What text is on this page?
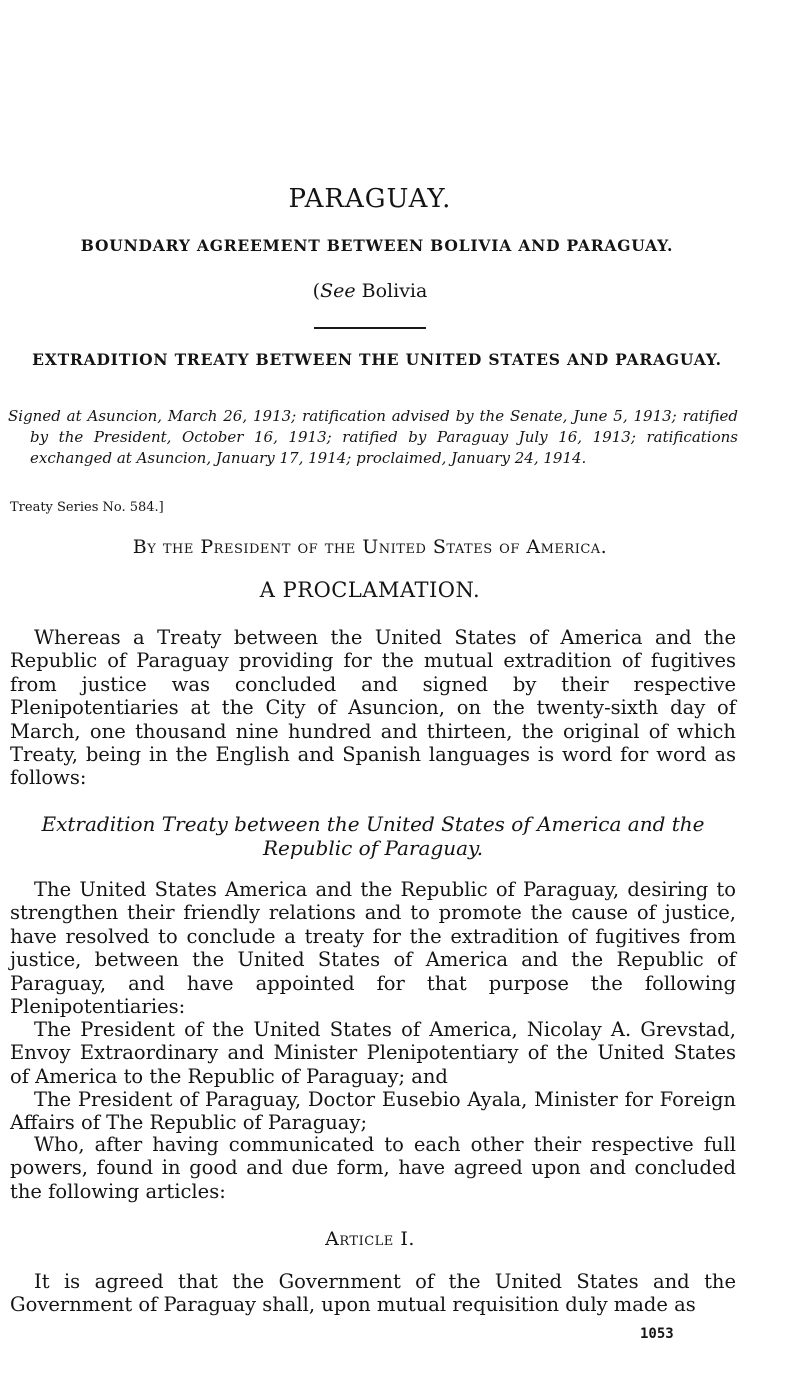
PARAGUAY.
BOUNDARY AGREEMENT BETWEEN BOLIVIA AND PARAGUAY.

(See Bolivia

EXTRADITION TREATY BETWEEN THE UNITED STATES AND PARAGUAY.

Signed at Asuncion, March 26, 1913; ratification advised by the Senate, June 5, 1913; ratified by the President, October 16, 1913; ratified by Paraguay July 16, 1913; ratifications exchanged at Asuncion, January 17, 1914; proclaimed, January 24, 1914.

Treaty Series No. 584.]

By the President of the United States of America.

A PROCLAMATION.

Whereas a Treaty between the United States of America and the Republic of Paraguay providing for the mutual extradition of fugitives from justice was concluded and signed by their respective Plenipotentiaries at the City of Asuncion, on the twenty-sixth day of March, one thousand nine hundred and thirteen, the original of which Treaty, being in the English and Spanish languages is word for word as follows:

Extradition Treaty between the United States of America and the Republic of Paraguay.

The United States America and the Republic of Paraguay, desiring to strengthen their friendly relations and to promote the cause of justice, have resolved to conclude a treaty for the extradition of fugitives from justice, between the United States of America and the Republic of Paraguay, and have appointed for that purpose the following Plenipotentiaries:

The President of the United States of America, Nicolay A. Grevstad, Envoy Extraordinary and Minister Plenipotentiary of the United States of America to the Republic of Paraguay; and

The President of Paraguay, Doctor Eusebio Ayala, Minister for Foreign Affairs of The Republic of Paraguay;

Who, after having communicated to each other their respective full powers, found in good and due form, have agreed upon and concluded the following articles:

Article I.

It is agreed that the Government of the United States and the Government of Paraguay shall, upon mutual requisition duly made as

1053
